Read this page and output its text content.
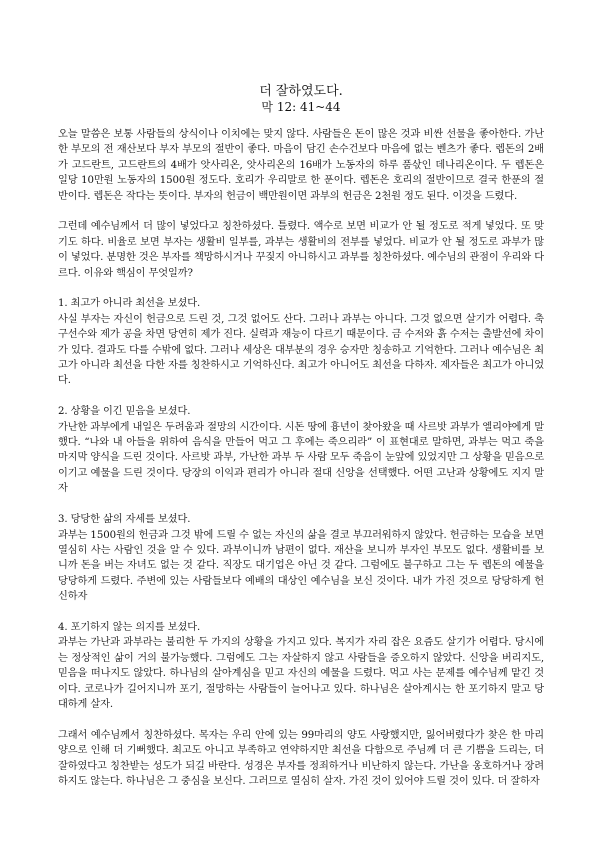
더 잘하였도다.
막 12: 41~44

오늘 말씀은 보통 사람들의 상식이나 이치에는 맞지 않다. 사람들은 돈이 많은 것과 비싼 선물을 좋아한다. 가난한 부모의 전 재산보다 부자 부모의 절반이 좋다. 마음이 담긴 손수건보다 마음에 없는 벤츠가 좋다. 렙돈의 2배가 고드란트, 고드란트의 4배가 앗사리온, 앗사리온의 16배가 노동자의 하루 품삯인 데나리온이다. 두 렙돈은 일당 10만원 노동자의 1500원 정도다. 호리가 우리말로 한 푼이다. 렙돈은 호리의 절반이므로 결국 한푼의 절반이다. 렙돈은 작다는 뜻이다. 부자의 헌금이 백만원이면 과부의 헌금은 2천원 정도 된다. 이것을 드렸다.

그런데 예수님께서 더 많이 넣었다고 칭찬하셨다. 틀렸다. 액수로 보면 비교가 안 될 정도로 적게 넣었다. 또 맞기도 하다. 비율로 보면 부자는 생활비 일부를, 과부는 생활비의 전부를 넣었다. 비교가 안 될 정도로 과부가 많이 넣었다. 분명한 것은 부자를 책망하시거나 꾸짖지 아니하시고 과부를 칭찬하셨다. 예수님의 관점이 우리와 다르다. 이유와 핵심이 무엇일까?

1. 최고가 아니라 최선을 보셨다.
사실 부자는 자신이 헌금으로 드린 것, 그것 없어도 산다. 그러나 과부는 아니다. 그것 없으면 살기가 어렵다. 축구선수와 제가 공을 차면 당연히 제가 진다. 실력과 재능이 다르기 때문이다. 금 수저와 흙 수저는 출발선에 차이가 있다. 결과도 다를 수밖에 없다. 그러나 세상은 대부분의 경우 승자만 칭송하고 기억한다. 그러나 예수님은 최고가 아니라 최선을 다한 자를 칭찬하시고 기억하신다. 최고가 아니어도 최선을 다하자. 제자들은 최고가 아니었다.

2. 상황을 이긴 믿음을 보셨다.
가난한 과부에게 내일은 두려움과 절망의 시간이다. 시돈 땅에 흉년이 찾아왔을 때 사르밧 과부가 엘리야에게 말했다. “나와 내 아들을 위하여 음식을 만들어 먹고 그 후에는 죽으리라” 이 표현대로 말하면, 과부는 먹고 죽을 마지막 양식을 드린 것이다. 사르밧 과부, 가난한 과부 두 사람 모두 죽음이 눈앞에 있었지만 그 상황을 믿음으로 이기고 예물을 드린 것이다. 당장의 이익과 편리가 아니라 절대 신앙을 선택했다. 어떤 고난과 상황에도 지지 말자

3. 당당한 삶의 자세를 보셨다.
과부는 1500원의 헌금과 그것 밖에 드릴 수 없는 자신의 삶을 결코 부끄러워하지 않았다. 헌금하는 모습을 보면 열심히 사는 사람인 것을 알 수 있다. 과부이니까 남편이 없다. 재산을 보니까 부자인 부모도 없다. 생활비를 보니까 돈을 버는 자녀도 없는 것 같다. 직장도 대기업은 아닌 것 같다. 그럼에도 불구하고 그는 두 렙돈의 예물을 당당하게 드렸다. 주변에 있는 사람들보다 예배의 대상인 예수님을 보신 것이다. 내가 가진 것으로 당당하게 헌신하자

4. 포기하지 않는 의지를 보셨다.
과부는 가난과 과부라는 불리한 두 가지의 상황을 가지고 있다. 복지가 자리 잡은 요즘도 살기가 어렵다. 당시에는 정상적인 삶이 거의 불가능했다. 그럼에도 그는 자살하지 않고 사람들을 증오하지 않았다. 신앙을 버리지도, 믿음을 떠나지도 않았다. 하나님의 살아계심을 믿고 자신의 예물을 드렸다. 먹고 사는 문제를 예수님께 맡긴 것이다. 코로나가 길어지니까 포기, 절망하는 사람들이 늘어나고 있다. 하나님은 살아계시는 한 포기하지 말고 당대하게 살자.

그래서 예수님께서 칭찬하셨다. 목자는 우리 안에 있는 99마리의 양도 사랑했지만, 잃어버렸다가 찾은 한 마리 양으로 인해 더 기뻐했다. 최고도 아니고 부족하고 연약하지만 최선을 다함으로 주님께 더 큰 기쁨을 드리는, 더 잘하였다고 칭찬받는 성도가 되길 바란다. 성경은 부자를 정죄하거나 비난하지 않는다. 가난을 옹호하거나 장려하지도 않는다. 하나님은 그 중심을 보신다. 그러므로 열심히 살자. 가진 것이 있어야 드릴 것이 있다. 더 잘하자
